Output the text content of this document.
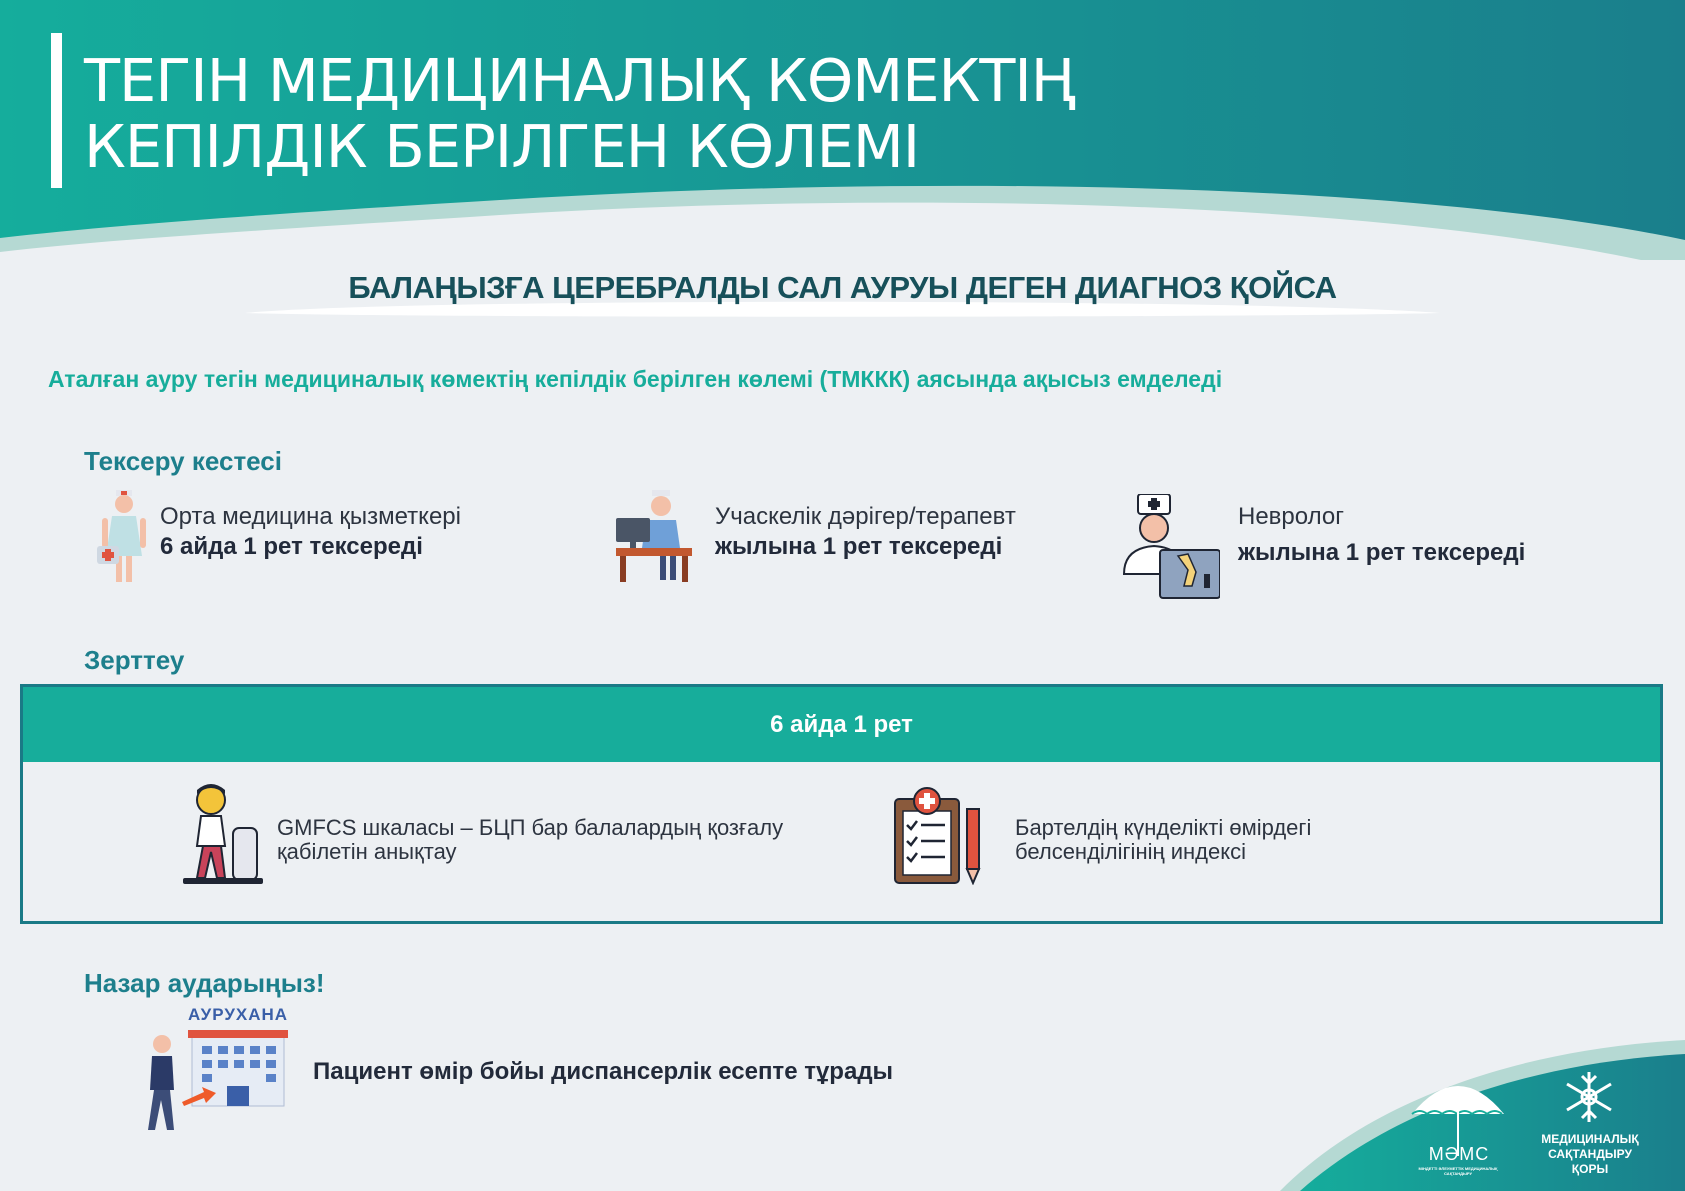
ТЕГІН МЕДИЦИНАЛЫҚ КӨМЕКТІҢ
КЕПІЛДІК БЕРІЛГЕН КӨЛЕМІ
БАЛАҢЫЗҒА ЦЕРЕБРАЛДЫ САЛ АУРУЫ ДЕГЕН ДИАГНОЗ ҚОЙСА
Аталған ауру тегін медициналық көмектің кепілдік берілген көлемі (ТМККК) аясында ақысыз емделеді
Тексеру кестесі
Орта медицина қызметкері
6 айда 1 рет тексереді
Учаскелік дәрігер/терапевт
жылына 1 рет тексереді
Невролог
жылына 1 рет тексереді
Зерттеу
6 айда 1 рет
GMFCS шкаласы – БЦП бар балалардың қозғалу
қабілетін анықтау
Бартелдің күнделікті өмірдегі
белсенділігінің индексі
Назар аударыңыз!
АУРУХАНА
Пациент өмір бойы диспансерлік есепте тұрады
МӘМС
МІНДЕТТІ ӘЛЕУМЕТТІК МЕДИЦИНАЛЫҚ САҚТАНДЫРУ
МЕДИЦИНАЛЫҚ
САҚТАНДЫРУ
ҚОРЫ
